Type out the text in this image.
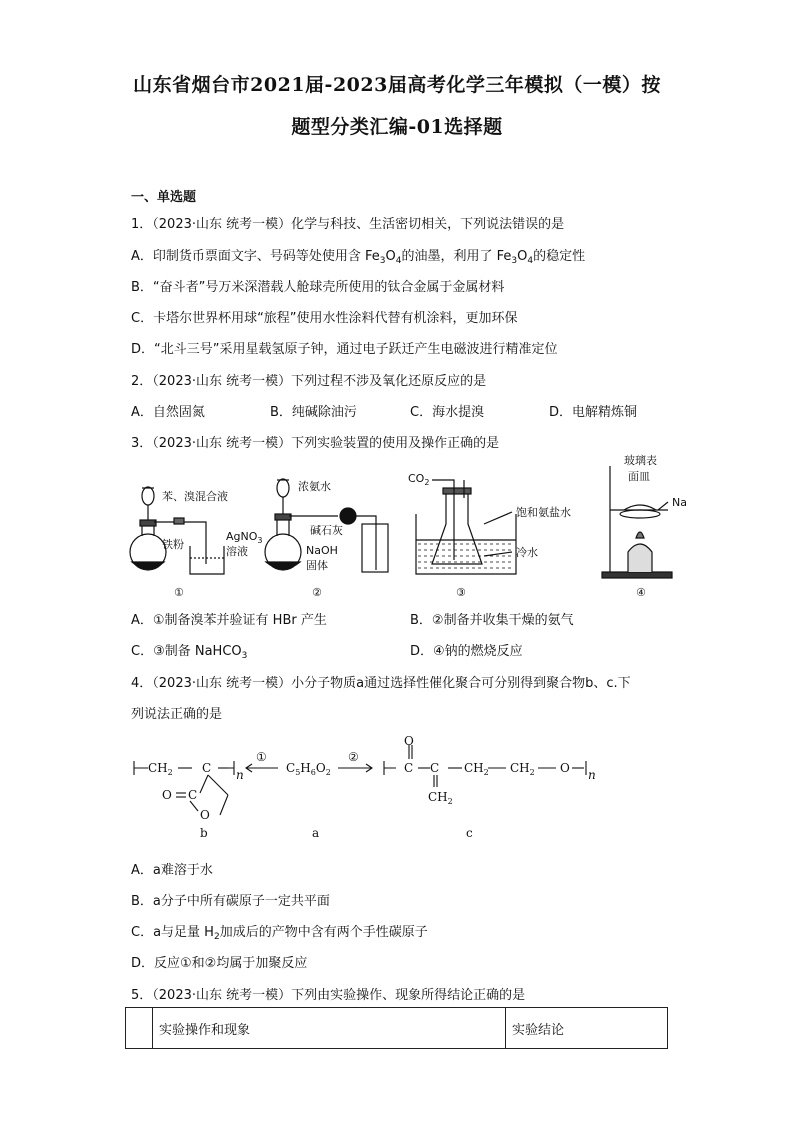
山东省烟台市2021届-2023届高考化学三年模拟（一模）按
题型分类汇编-01选择题
一、单选题
1．（2023·山东 统考一模）化学与科技、生活密切相关，下列说法错误的是
A．印制货币票面文字、号码等处使用含 $Fe_3O_4$的油墨，利用了 $Fe_3O_4$的稳定性
B．“奋斗者”号万米深潜载人舱球壳所使用的钛合金属于金属材料
C．卡塔尔世界杯用球“旅程”使用水性涂料代替有机涂料，更加环保
D．“北斗三号”采用星载氢原子钟，通过电子跃迁产生电磁波进行精准定位
2．（2023·山东 统考一模）下列过程不涉及氧化还原反应的是
A．自然固氮	B．纯碱除油污	C．海水提溴	D．电解精炼铜
3．（2023·山东 统考一模）下列实验装置的使用及操作正确的是
苯、溴混合液
铁粉
AgNO$_3$
溶液
①
浓氨水
碱石灰
NaOH
固体
②
$CO_2$
饱和氨盐水
冷水
③
玻璃表
面皿
Na
④
A．①制备溴苯并验证有 HBr 产生	B．②制备并收集干燥的氨气
C．③制备 NaHCO$_3$	D．④钠的燃烧反应
4．（2023·山东 统考一模）小分子物质a通过选择性催化聚合可分别得到聚合物b、c.下
列说法正确的是
$CH_2$ C n
O C
O
b
①	②
$C_5H_6O_2$
a
O
C C
$CH_2$
$CH_2$ $CH_2$ O n
c
A．a难溶于水
B．a分子中所有碳原子一定共平面
C．a与足量 $H_2$加成后的产物中含有两个手性碳原子
D．反应①和②均属于加聚反应
5．（2023·山东 统考一模）下列由实验操作、现象所得结论正确的是
	实验操作和现象	实验结论
